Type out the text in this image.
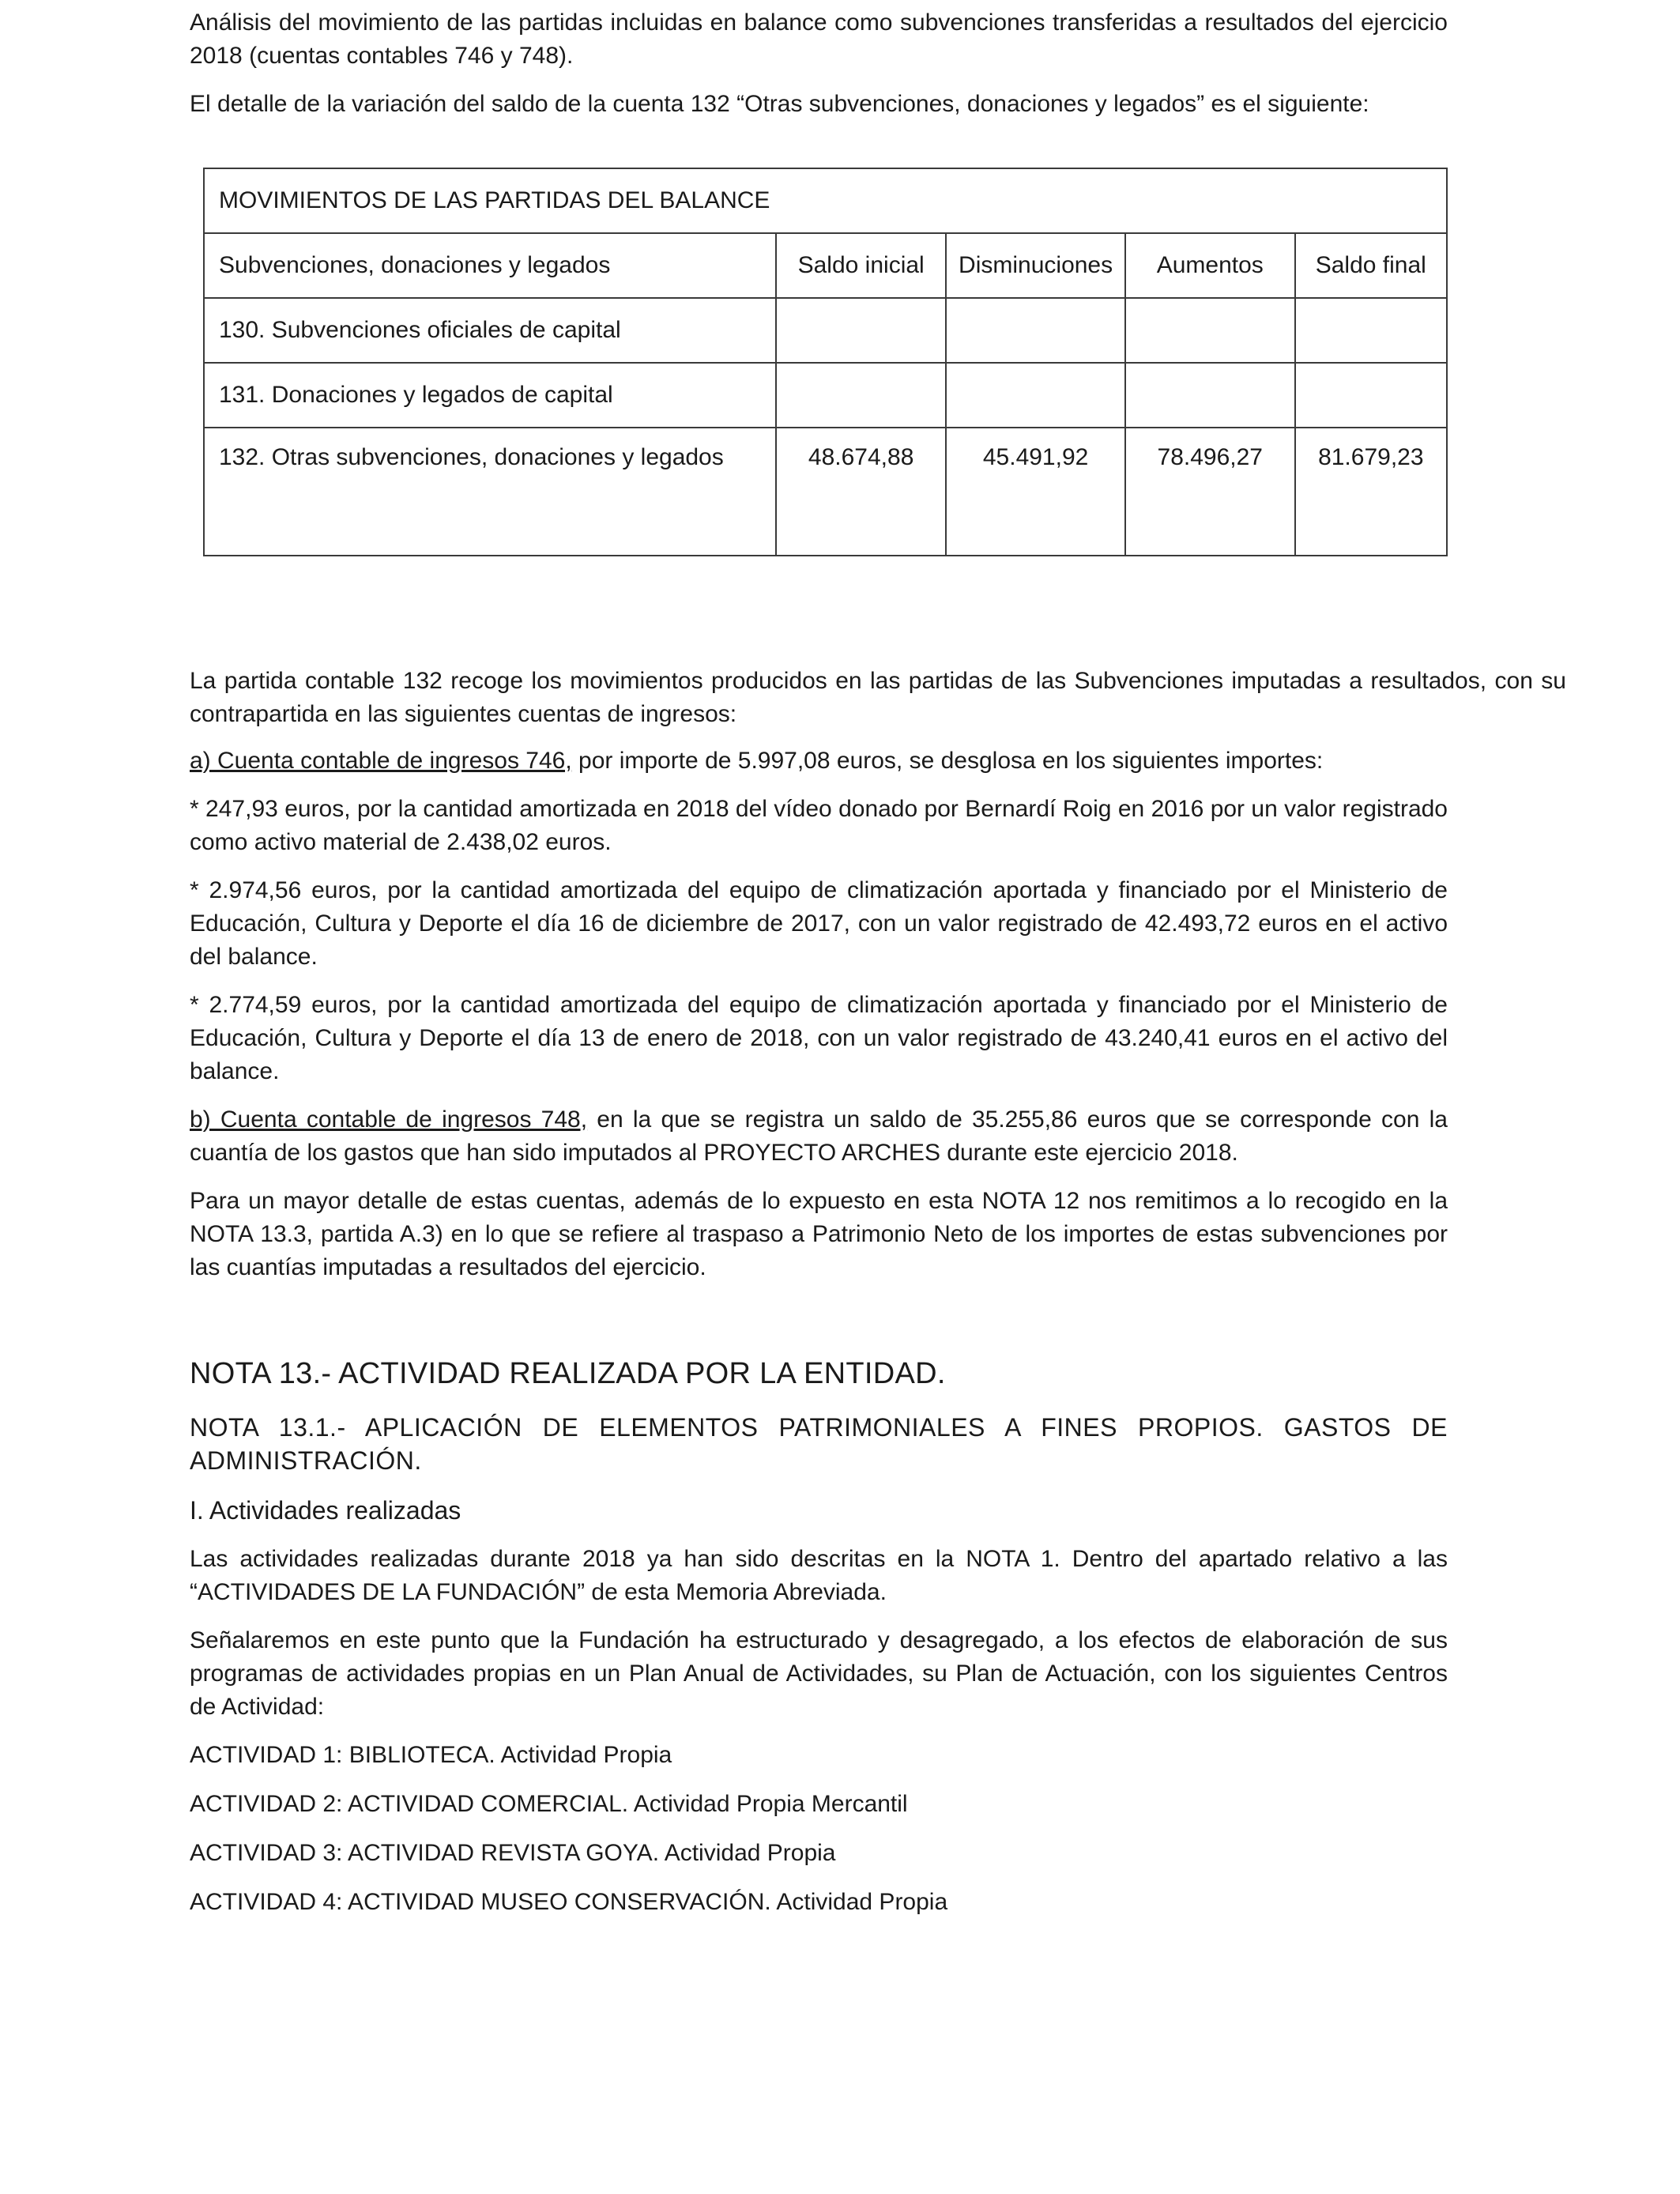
Análisis del movimiento de las partidas incluidas en balance como subvenciones transferidas a resultados del ejercicio 2018 (cuentas contables 746 y 748).

El detalle de la variación del saldo de la cuenta 132 “Otras subvenciones, donaciones y legados” es el siguiente:

MOVIMIENTOS DE LAS PARTIDAS DEL BALANCE				
Subvenciones, donaciones y legados	Saldo inicial	Disminuciones	Aumentos	Saldo final
130. Subvenciones oficiales de capital				
131. Donaciones y legados de capital				
132. Otras subvenciones, donaciones y legados	48.674,88	45.491,92	78.496,27	81.679,23

La partida contable 132 recoge los movimientos producidos en las partidas de las Subvenciones imputadas a resultados, con su contrapartida en las siguientes cuentas de ingresos:

a) Cuenta contable de ingresos 746, por importe de 5.997,08 euros, se desglosa en los siguientes importes:

* 247,93 euros, por la cantidad amortizada en 2018 del vídeo donado por Bernardí Roig en 2016 por un valor registrado como activo material de 2.438,02 euros.

* 2.974,56 euros, por la cantidad amortizada del equipo de climatización aportada y financiado por el Ministerio de Educación, Cultura y Deporte el día 16 de diciembre de 2017, con un valor registrado de 42.493,72 euros en el activo del balance.

* 2.774,59 euros, por la cantidad amortizada del equipo de climatización aportada y financiado por el Ministerio de Educación, Cultura y Deporte el día 13 de enero de 2018, con un valor registrado de 43.240,41 euros en el activo del balance.

b) Cuenta contable de ingresos 748, en la que se registra un saldo de 35.255,86 euros que se corresponde con la cuantía de los gastos que han sido imputados al PROYECTO ARCHES durante este ejercicio 2018.

Para un mayor detalle de estas cuentas, además de lo expuesto en esta NOTA 12 nos remitimos a lo recogido en la NOTA 13.3, partida A.3) en lo que se refiere al traspaso a Patrimonio Neto de los importes de estas subvenciones por las cuantías imputadas a resultados del ejercicio.

NOTA 13.- ACTIVIDAD REALIZADA POR LA ENTIDAD.
NOTA 13.1.- APLICACIÓN DE ELEMENTOS PATRIMONIALES A FINES PROPIOS. GASTOS DE ADMINISTRACIÓN.
I. Actividades realizadas

Las actividades realizadas durante 2018 ya han sido descritas en la NOTA 1. Dentro del apartado relativo a las “ACTIVIDADES DE LA FUNDACIÓN” de esta Memoria Abreviada.

Señalaremos en este punto que la Fundación ha estructurado y desagregado, a los efectos de elaboración de sus programas de actividades propias en un Plan Anual de Actividades, su Plan de Actuación, con los siguientes Centros de Actividad:

ACTIVIDAD 1: BIBLIOTECA. Actividad Propia
ACTIVIDAD 2: ACTIVIDAD COMERCIAL. Actividad Propia Mercantil
ACTIVIDAD 3: ACTIVIDAD REVISTA GOYA. Actividad Propia
ACTIVIDAD 4: ACTIVIDAD MUSEO CONSERVACIÓN. Actividad Propia
